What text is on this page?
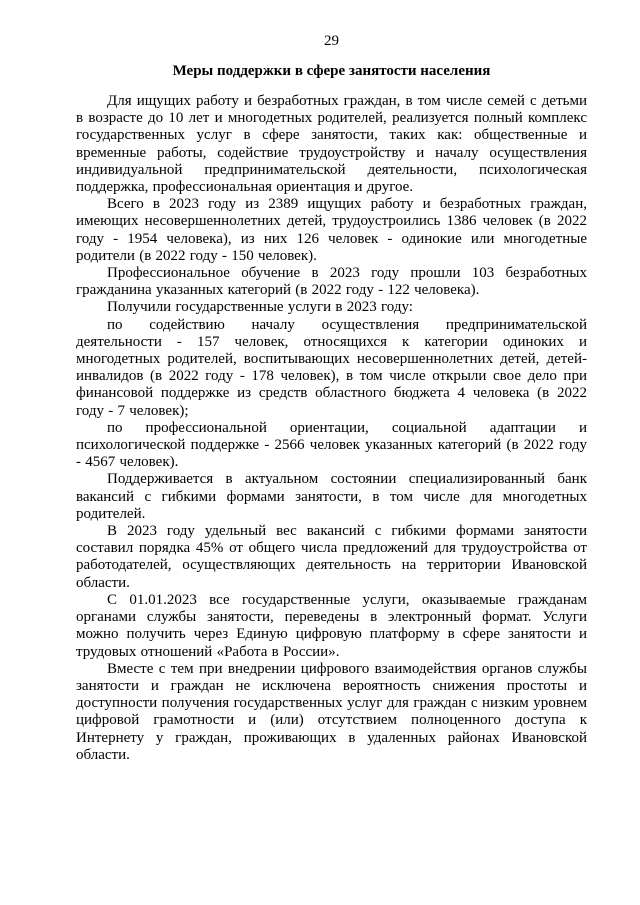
29
Меры поддержки в сфере занятости населения

Для ищущих работу и безработных граждан, в том числе семей с детьми в возрасте до 10 лет и многодетных родителей, реализуется полный комплекс государственных услуг в сфере занятости, таких как: общественные и временные работы, содействие трудоустройству и началу осуществления индивидуальной предпринимательской деятельности, психологическая поддержка, профессиональная ориентация и другое.

Всего в 2023 году из 2389 ищущих работу и безработных граждан, имеющих несовершеннолетних детей, трудоустроились 1386 человек (в 2022 году - 1954 человека), из них 126 человек - одинокие или многодетные родители (в 2022 году - 150 человек).

Профессиональное обучение в 2023 году прошли 103 безработных гражданина указанных категорий (в 2022 году - 122 человека).

Получили государственные услуги в 2023 году:

по содействию началу осуществления предпринимательской деятельности - 157 человек, относящихся к категории одиноких и многодетных родителей, воспитывающих несовершеннолетних детей, детей-инвалидов (в 2022 году - 178 человек), в том числе открыли свое дело при финансовой поддержке из средств областного бюджета 4 человека (в 2022 году - 7 человек);

по профессиональной ориентации, социальной адаптации и психологической поддержке - 2566 человек указанных категорий (в 2022 году - 4567 человек).

Поддерживается в актуальном состоянии специализированный банк вакансий с гибкими формами занятости, в том числе для многодетных родителей.

В 2023 году удельный вес вакансий с гибкими формами занятости составил порядка 45% от общего числа предложений для трудоустройства от работодателей, осуществляющих деятельность на территории Ивановской области.

С 01.01.2023 все государственные услуги, оказываемые гражданам органами службы занятости, переведены в электронный формат. Услуги можно получить через Единую цифровую платформу в сфере занятости и трудовых отношений «Работа в России».

Вместе с тем при внедрении цифрового взаимодействия органов службы занятости и граждан не исключена вероятность снижения простоты и доступности получения государственных услуг для граждан с низким уровнем цифровой грамотности и (или) отсутствием полноценного доступа к Интернету у граждан, проживающих в удаленных районах Ивановской области.
